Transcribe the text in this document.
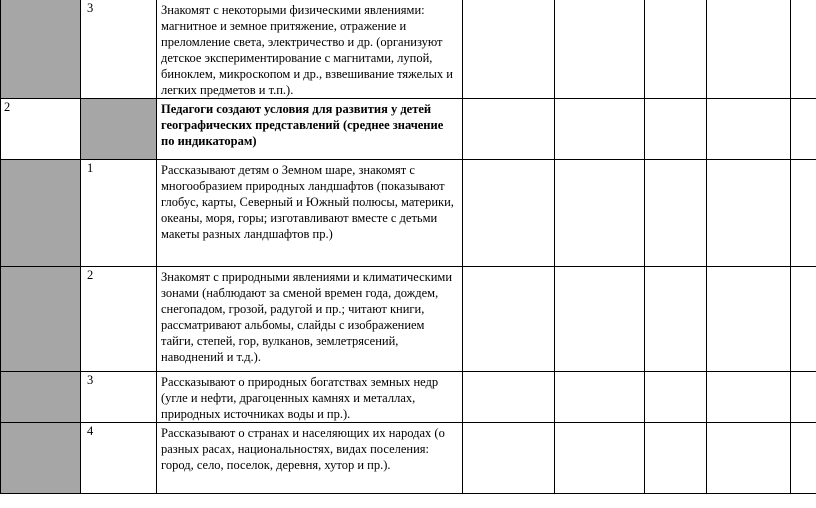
	3	Знакомят с некоторыми физическими явлениями: магнитное и земное притяжение, отражение и преломление света, электричество и др. (организуют детское экспериментирование с магнитами, лупой, биноклем, микроскопом и др., взвешивание тяжелых и легких предметов и т.п.).					
2		Педагоги создают условия для развития у детей географических представлений (среднее значение по индикаторам)					
	1	Рассказывают детям о Земном шаре, знакомят с многообразием природных ландшафтов (показывают глобус, карты, Северный и Южный полюсы, материки, океаны, моря, горы; изготавливают вместе с детьми макеты разных ландшафтов пр.)					
	2	Знакомят с природными явлениями и климатическими зонами (наблюдают за сменой времен года, дождем, снегопадом, грозой, радугой и пр.; читают книги, рассматривают альбомы, слайды с изображением тайги, степей, гор, вулканов, землетрясений, наводнений и т.д.).					
	3	Рассказывают о природных богатствах земных недр (угле и нефти, драгоценных камнях и металлах, природных источниках воды и пр.).					
	4	Рассказывают о странах и населяющих их народах (о разных расах, национальностях, видах поселения: город, село, поселок, деревня, хутор и пр.).					
